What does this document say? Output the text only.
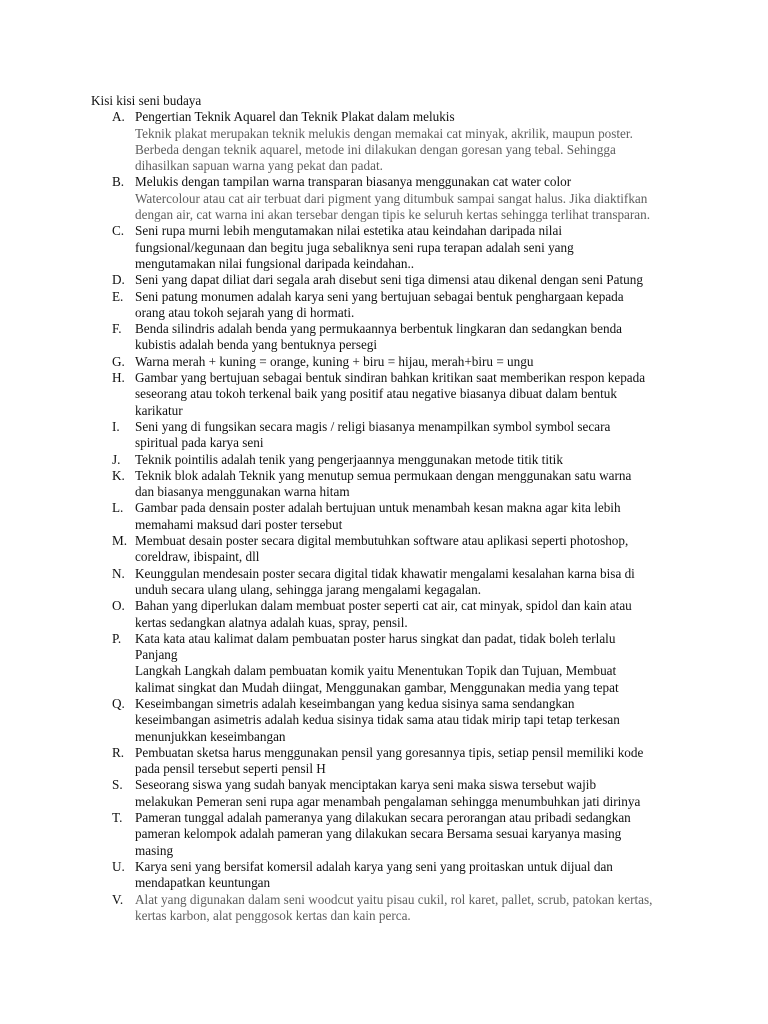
Kisi kisi seni budaya
A. Pengertian Teknik Aquarel dan Teknik Plakat dalam melukis
Teknik plakat merupakan teknik melukis dengan memakai cat minyak, akrilik, maupun poster.
Berbeda dengan teknik aquarel, metode ini dilakukan dengan goresan yang tebal. Sehingga
dihasilkan sapuan warna yang pekat dan padat.
B. Melukis dengan tampilan warna transparan biasanya menggunakan cat water color
Watercolour atau cat air terbuat dari pigment yang ditumbuk sampai sangat halus. Jika diaktifkan
dengan air, cat warna ini akan tersebar dengan tipis ke seluruh kertas sehingga terlihat transparan.
C. Seni rupa murni lebih mengutamakan nilai estetika atau keindahan daripada nilai
fungsional/kegunaan dan begitu juga sebaliknya seni rupa terapan adalah seni yang
mengutamakan nilai fungsional daripada keindahan..
D. Seni yang dapat diliat dari segala arah disebut seni tiga dimensi atau dikenal dengan seni Patung
E. Seni patung monumen adalah karya seni yang bertujuan sebagai bentuk penghargaan kepada
orang atau tokoh sejarah yang di hormati.
F. Benda silindris adalah benda yang permukaannya berbentuk lingkaran dan sedangkan benda
kubistis adalah benda yang bentuknya persegi
G. Warna merah + kuning = orange, kuning + biru = hijau, merah+biru = ungu
H. Gambar yang bertujuan sebagai bentuk sindiran bahkan kritikan saat memberikan respon kepada
seseorang atau tokoh terkenal baik yang positif atau negative biasanya dibuat dalam bentuk
karikatur
I. Seni yang di fungsikan secara magis / religi biasanya menampilkan symbol symbol secara
spiritual pada karya seni
J. Teknik pointilis adalah tenik yang pengerjaannya menggunakan metode titik titik
K. Teknik blok adalah Teknik yang menutup semua permukaan dengan menggunakan satu warna
dan biasanya menggunakan warna hitam
L. Gambar pada densain poster adalah bertujuan untuk menambah kesan makna agar kita lebih
memahami maksud dari poster tersebut
M. Membuat desain poster secara digital membutuhkan software atau aplikasi seperti photoshop,
coreldraw, ibispaint, dll
N. Keunggulan mendesain poster secara digital tidak khawatir mengalami kesalahan karna bisa di
unduh secara ulang ulang, sehingga jarang mengalami kegagalan.
O. Bahan yang diperlukan dalam membuat poster seperti cat air, cat minyak, spidol dan kain atau
kertas sedangkan alatnya adalah kuas, spray, pensil.
P. Kata kata atau kalimat dalam pembuatan poster harus singkat dan padat, tidak boleh terlalu
Panjang
Langkah Langkah dalam pembuatan komik yaitu Menentukan Topik dan Tujuan, Membuat
kalimat singkat dan Mudah diingat, Menggunakan gambar, Menggunakan media yang tepat
Q. Keseimbangan simetris adalah keseimbangan yang kedua sisinya sama sendangkan
keseimbangan asimetris adalah kedua sisinya tidak sama atau tidak mirip tapi tetap terkesan
menunjukkan keseimbangan
R. Pembuatan sketsa harus menggunakan pensil yang goresannya tipis, setiap pensil memiliki kode
pada pensil tersebut seperti pensil H
S. Seseorang siswa yang sudah banyak menciptakan karya seni maka siswa tersebut wajib
melakukan Pemeran seni rupa agar menambah pengalaman sehingga menumbuhkan jati dirinya
T. Pameran tunggal adalah pameranya yang dilakukan secara perorangan atau pribadi sedangkan
pameran kelompok adalah pameran yang dilakukan secara Bersama sesuai karyanya masing
masing
U. Karya seni yang bersifat komersil adalah karya yang seni yang proitaskan untuk dijual dan
mendapatkan keuntungan
V. Alat yang digunakan dalam seni woodcut yaitu pisau cukil, rol karet, pallet, scrub, patokan kertas,
kertas karbon, alat penggosok kertas dan kain perca.
